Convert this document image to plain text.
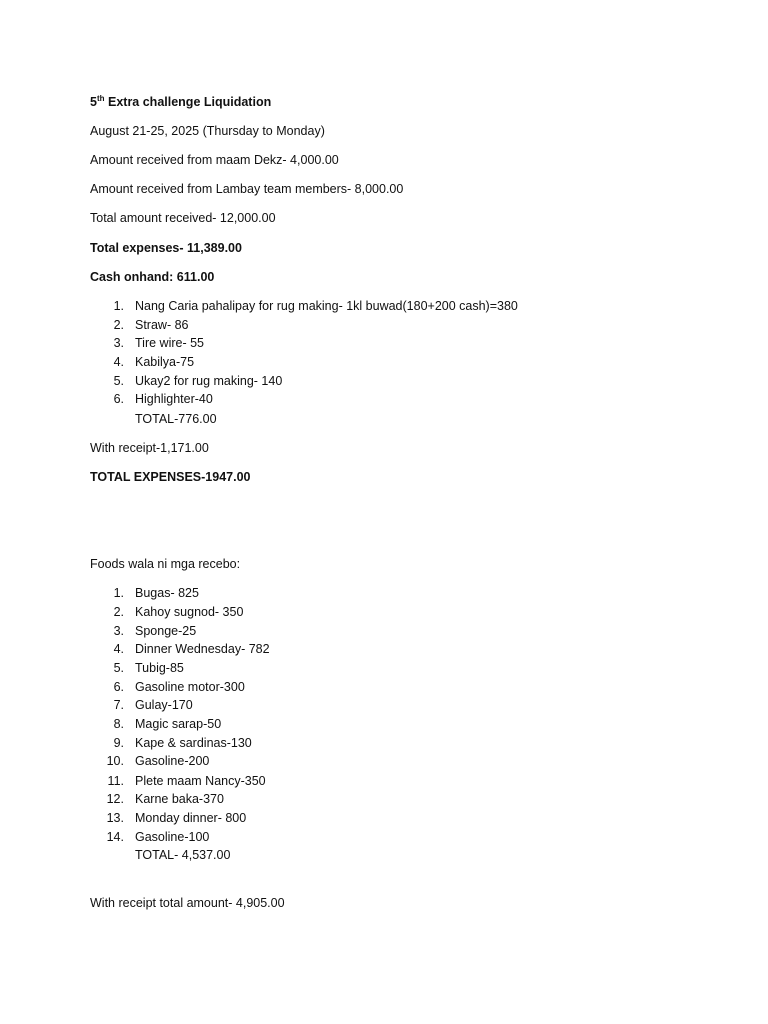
5th Extra challenge Liquidation
August 21-25, 2025 (Thursday to Monday)
Amount received from maam Dekz- 4,000.00
Amount received from Lambay team members- 8,000.00
Total amount received- 12,000.00
Total expenses- 11,389.00
Cash onhand: 611.00
1. Nang Caria pahalipay for rug making- 1kl buwad(180+200 cash)=380
2. Straw- 86
3. Tire wire- 55
4. Kabilya-75
5. Ukay2 for rug making- 140
6. Highlighter-40
TOTAL-776.00
With receipt-1,171.00
TOTAL EXPENSES-1947.00
Foods wala ni mga recebo:
1. Bugas- 825
2. Kahoy sugnod- 350
3. Sponge-25
4. Dinner Wednesday- 782
5. Tubig-85
6. Gasoline motor-300
7. Gulay-170
8. Magic sarap-50
9. Kape & sardinas-130
10. Gasoline-200
11. Plete maam Nancy-350
12. Karne baka-370
13. Monday dinner- 800
14. Gasoline-100
TOTAL- 4,537.00
With receipt total amount- 4,905.00
